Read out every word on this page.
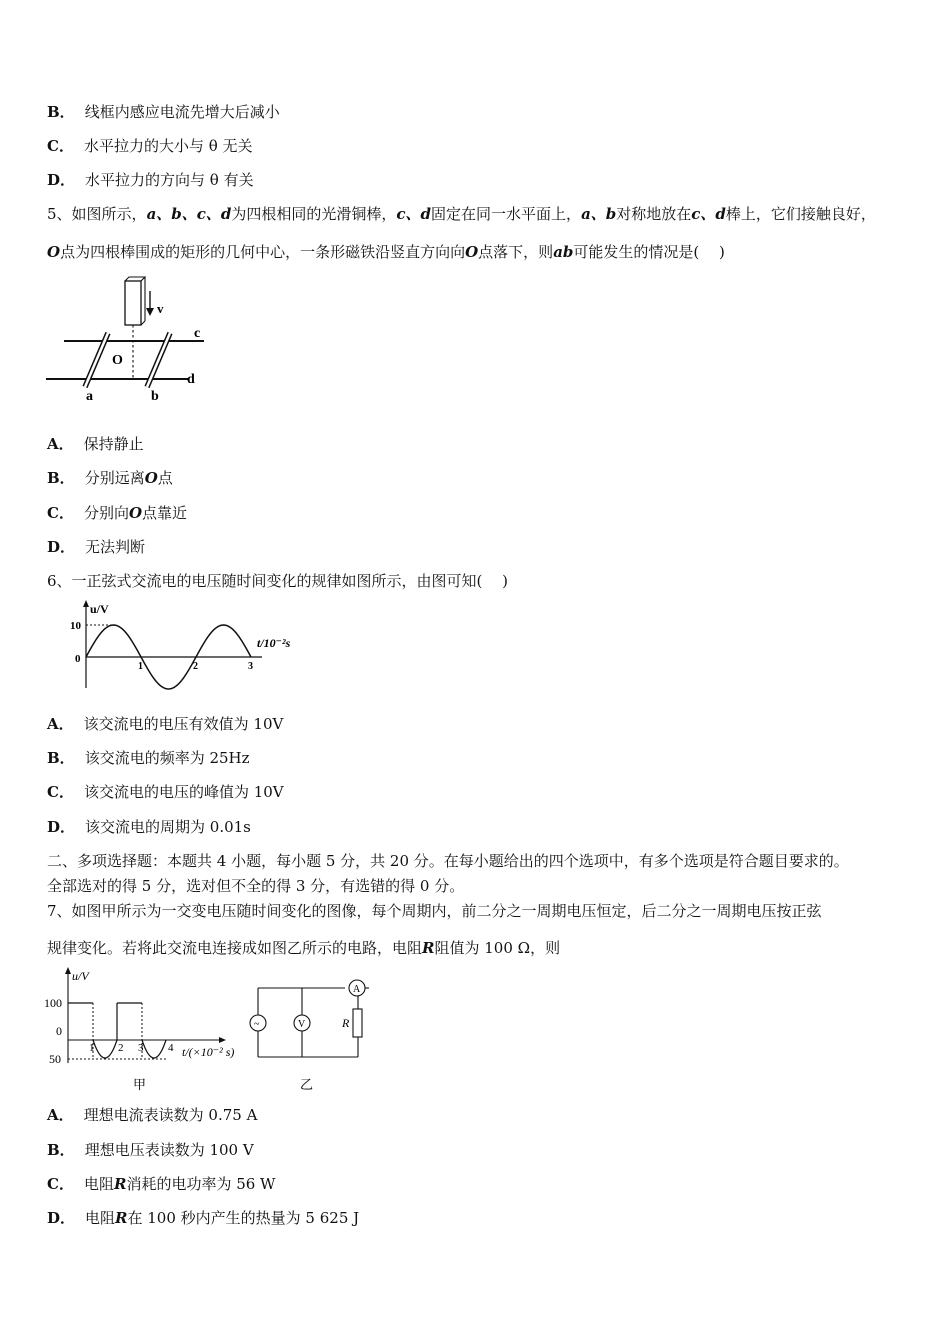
B． 线框内感应电流先增大后减小
C． 水平拉力的大小与 θ 无关
D． 水平拉力的方向与 θ 有关
5、如图所示，a、b、c、d为四根相同的光滑铜棒，c、d固定在同一水平面上，a、b对称地放在c、d棒上，它们接触良好，
O点为四根棒围成的矩形的几何中心，一条形磁铁沿竖直方向向O点落下，则ab可能发生的情况是(　 )
v
c
d
O
a	b
A． 保持静止
B． 分别远离O点
C． 分别向O点靠近
D． 无法判断
6、一正弦式交流电的电压随时间变化的规律如图所示，由图可知(　 )
u/V
t/10⁻²s
10
0
1	2	3
A． 该交流电的电压有效值为 10V
B． 该交流电的频率为 25Hz
C． 该交流电的电压的峰值为 10V
D． 该交流电的周期为 0.01s
二、多项选择题：本题共 4 小题，每小题 5 分，共 20 分。在每小题给出的四个选项中，有多个选项是符合题目要求的。
全部选对的得 5 分，选对但不全的得 3 分，有选错的得 0 分。
7、如图甲所示为一交变电压随时间变化的图像，每个周期内，前二分之一周期电压恒定，后二分之一周期电压按正弦
规律变化。若将此交流电连接成如图乙所示的电路，电阻R阻值为 100 Ω，则
u/V
100
0
50
1 2 3 4 t/(×10⁻² s)
甲
A
~	V	R
乙
A． 理想电流表读数为 0.75 A
B． 理想电压表读数为 100 V
C． 电阻R消耗的电功率为 56 W
D． 电阻R在 100 秒内产生的热量为 5 625 J
